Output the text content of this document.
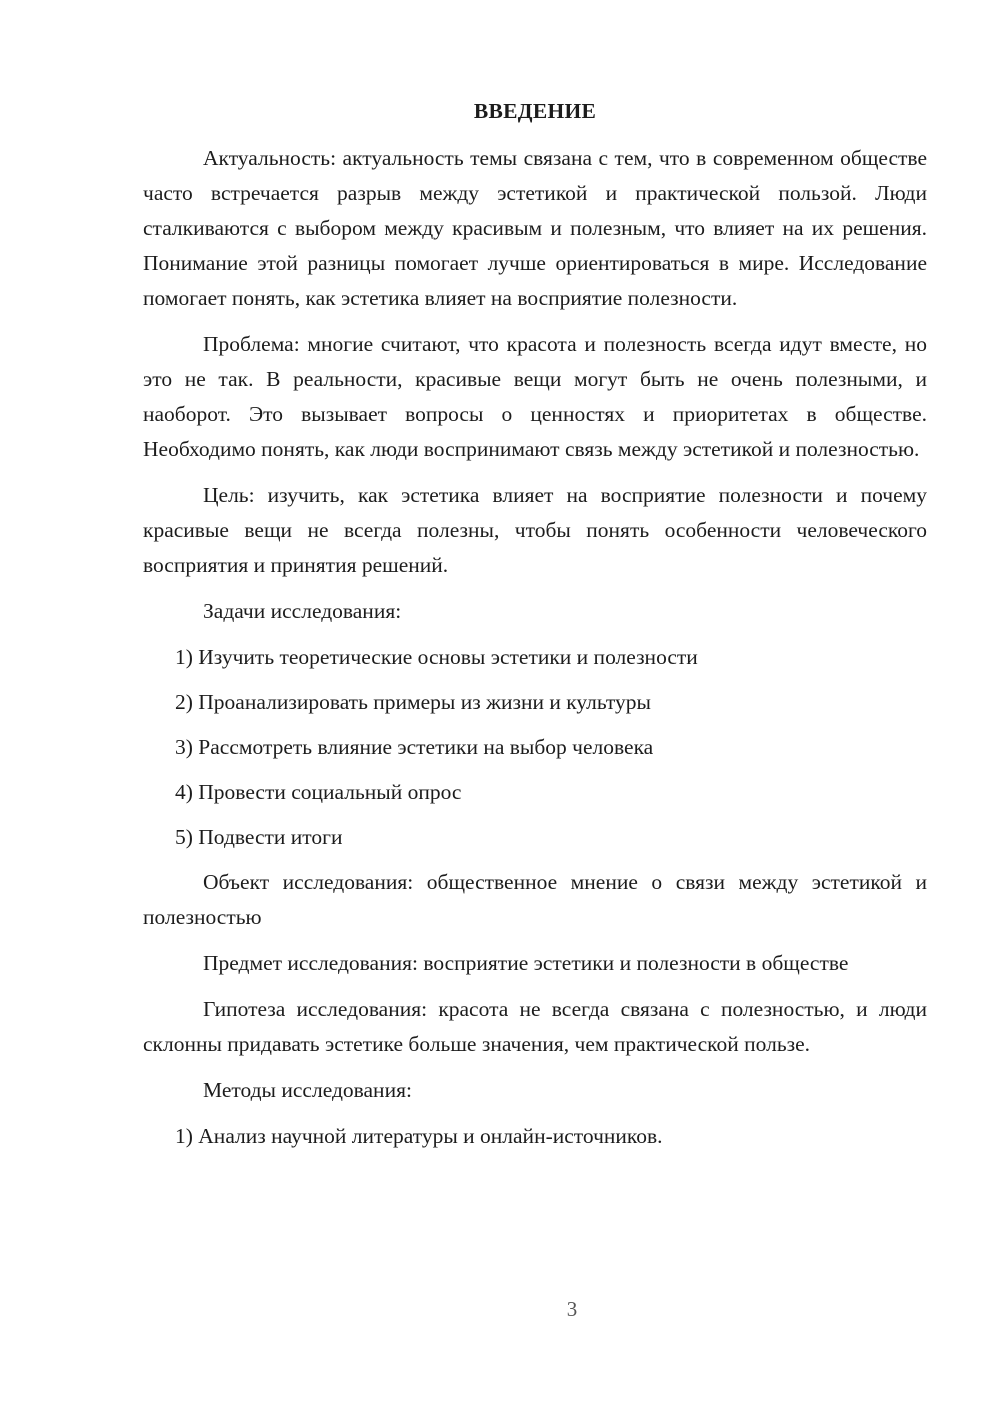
ВВЕДЕНИЕ

Актуальность: актуальность темы связана с тем, что в современном обществе часто встречается разрыв между эстетикой и практической пользой. Люди сталкиваются с выбором между красивым и полезным, что влияет на их решения. Понимание этой разницы помогает лучше ориентироваться в мире. Исследование помогает понять, как эстетика влияет на восприятие полезности.

Проблема: многие считают, что красота и полезность всегда идут вместе, но это не так. В реальности, красивые вещи могут быть не очень полезными, и наоборот. Это вызывает вопросы о ценностях и приоритетах в обществе. Необходимо понять, как люди воспринимают связь между эстетикой и полезностью.

Цель: изучить, как эстетика влияет на восприятие полезности и почему красивые вещи не всегда полезны, чтобы понять особенности человеческого восприятия и принятия решений.

Задачи исследования:

1) Изучить теоретические основы эстетики и полезности

2) Проанализировать примеры из жизни и культуры

3) Рассмотреть влияние эстетики на выбор человека

4) Провести социальный опрос

5) Подвести итоги

Объект исследования: общественное мнение о связи между эстетикой и полезностью

Предмет исследования: восприятие эстетики и полезности в обществе

Гипотеза исследования: красота не всегда связана с полезностью, и люди склонны придавать эстетике больше значения, чем практической пользе.

Методы исследования:

1) Анализ научной литературы и онлайн-источников.

3
